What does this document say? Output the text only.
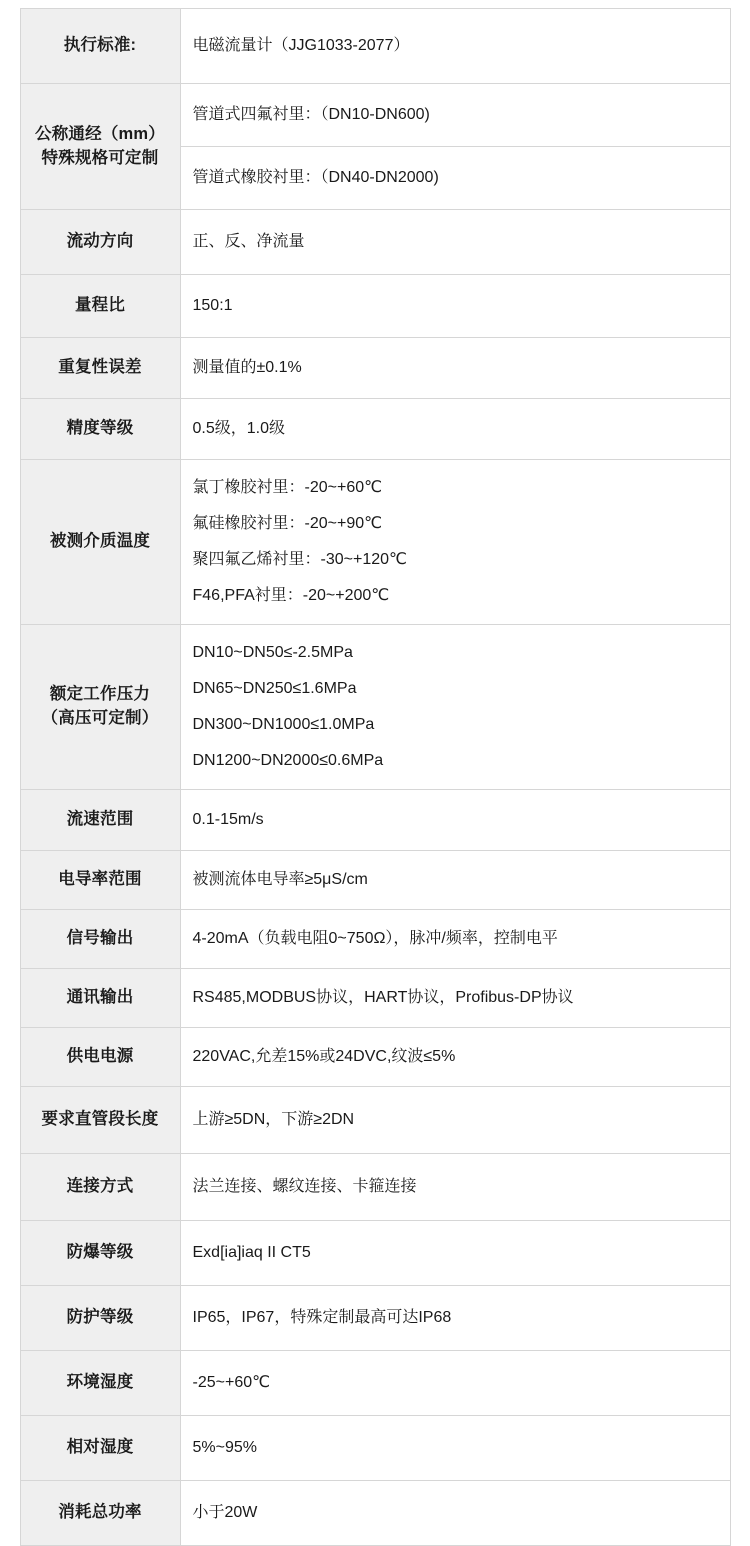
执行标准:	电磁流量计（JJG1033-2077）

公称通经（mm）
特殊规格可定制	管道式四氟衬里：（DN10-DN600)

	管道式橡胶衬里：（DN40-DN2000)

流动方向	正、反、净流量

量程比	150:1

重复性误差	测量值的±0.1%

精度等级	0.5级，1.0级

被测介质温度	氯丁橡胶衬里：-20~+60℃
氟硅橡胶衬里：-20~+90℃
聚四氟乙烯衬里：-30~+120℃
F46,PFA衬里：-20~+200℃

额定工作压力
（高压可定制）	DN10~DN50≤-2.5MPa
DN65~DN250≤1.6MPa
DN300~DN1000≤1.0MPa
DN1200~DN2000≤0.6MPa

流速范围	0.1-15m/s

电导率范围	被测流体电导率≥5μS/cm

信号输出	4-20mA（负载电阻0~750Ω），脉冲/频率，控制电平

通讯输出	RS485,MODBUS协议，HART协议，Profibus-DP协议

供电电源	220VAC,允差15%或24DVC,纹波≤5%

要求直管段长度	上游≥5DN，下游≥2DN

连接方式	法兰连接、螺纹连接、卡箍连接

防爆等级	Exd[ia]iaq II CT5

防护等级	IP65，IP67，特殊定制最高可达IP68

环境湿度	-25~+60℃

相对湿度	5%~95%

消耗总功率	小于20W
